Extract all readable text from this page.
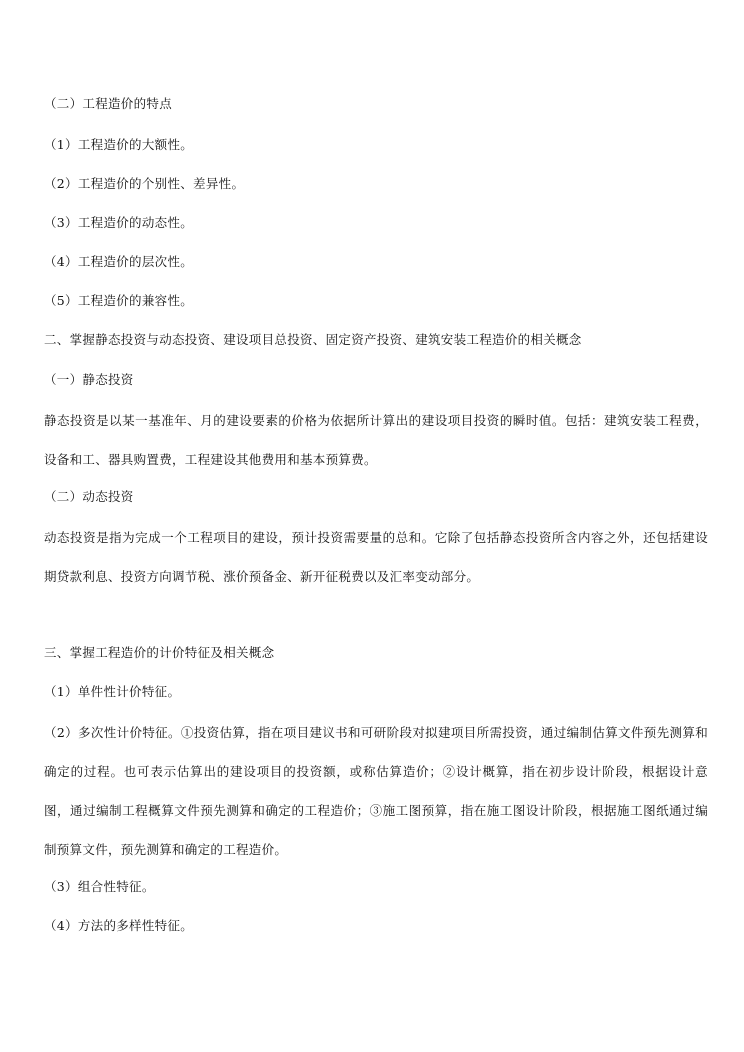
（二）工程造价的特点
（1）工程造价的大额性。
（2）工程造价的个别性、差异性。
（3）工程造价的动态性。
（4）工程造价的层次性。
（5）工程造价的兼容性。
二、掌握静态投资与动态投资、建设项目总投资、固定资产投资、建筑安装工程造价的相关概念
（一）静态投资
静态投资是以某一基准年、月的建设要素的价格为依据所计算出的建设项目投资的瞬时值。包括：建筑安装工程费，设备和工、器具购置费，工程建设其他费用和基本预算费。
（二）动态投资
动态投资是指为完成一个工程项目的建设，预计投资需要量的总和。它除了包括静态投资所含内容之外，还包括建设期贷款利息、投资方向调节税、涨价预备金、新开征税费以及汇率变动部分。
三、掌握工程造价的计价特征及相关概念
（1）单件性计价特征。
（2）多次性计价特征。①投资估算，指在项目建议书和可研阶段对拟建项目所需投资，通过编制估算文件预先测算和确定的过程。也可表示估算出的建设项目的投资额，或称估算造价；②设计概算，指在初步设计阶段，根据设计意图，通过编制工程概算文件预先测算和确定的工程造价；③施工图预算，指在施工图设计阶段，根据施工图纸通过编制预算文件，预先测算和确定的工程造价。
（3）组合性特征。
（4）方法的多样性特征。
